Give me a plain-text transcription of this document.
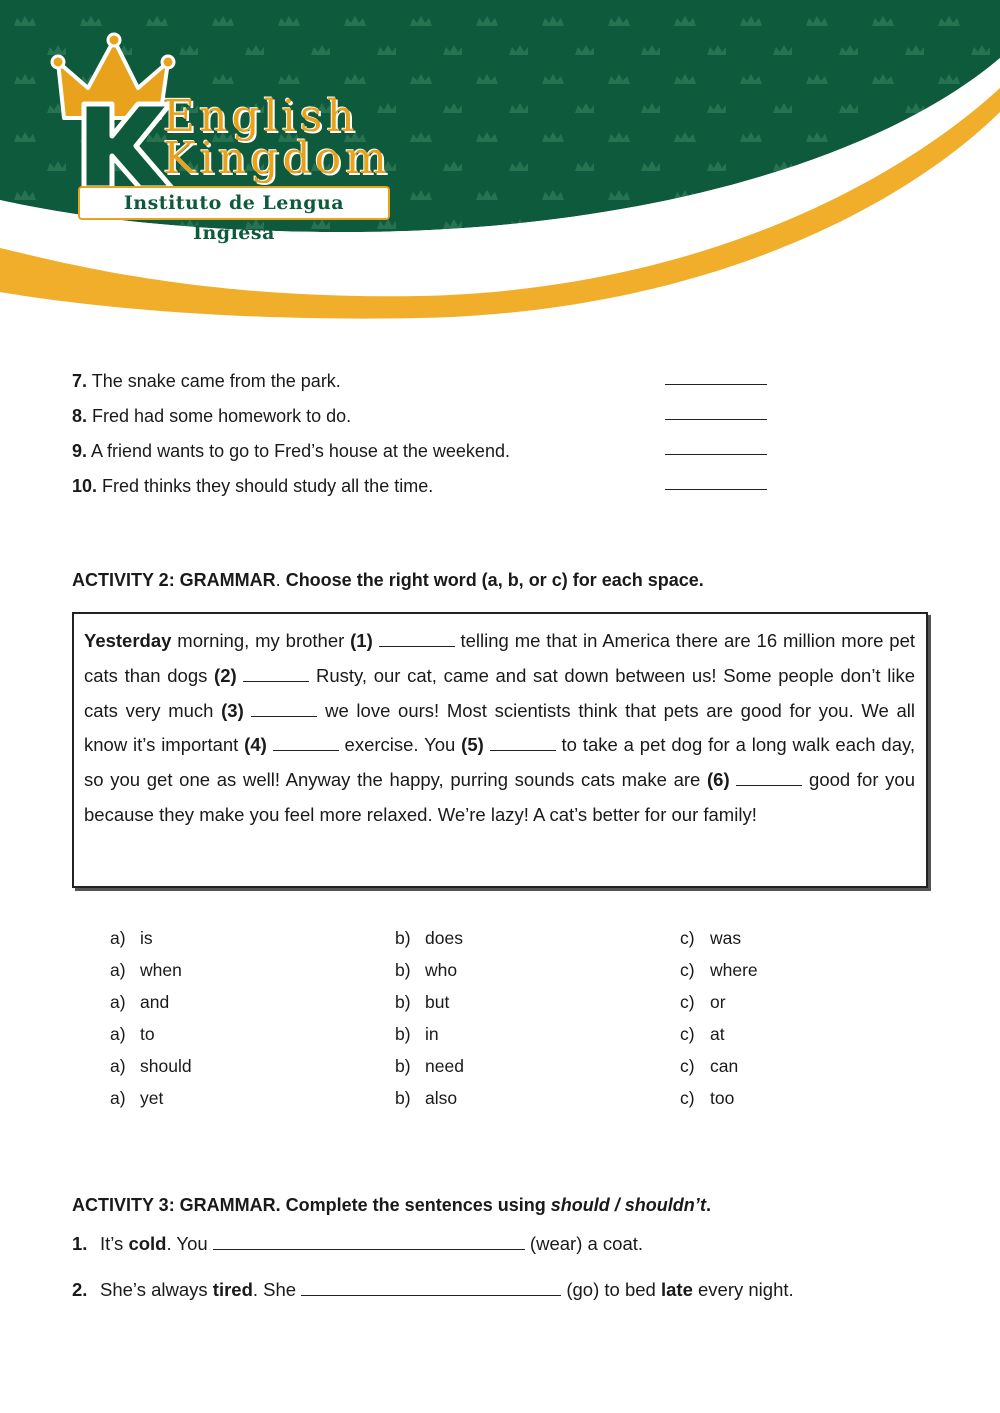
English
Kingdom
Instituto de Lengua Inglesa
7. The snake came from the park.
8. Fred had some homework to do.
9. A friend wants to go to Fred’s house at the weekend.
10. Fred thinks they should study all the time.
ACTIVITY 2: GRAMMAR. Choose the right word (a, b, or c) for each space.
Yesterday morning, my brother (1)	telling me that in America there are 16 million more pet cats than dogs (2)	Rusty, our cat, came and sat down between us! Some people don’t like cats very much (3)	we love ours! Most scientists think that pets are good for you. We all know it’s important (4)	exercise. You (5)	to take a pet dog for a long walk each day, so you get one as well! Anyway the happy, purring sounds cats make are (6)	good for you because they make you feel more relaxed. We’re lazy! A cat’s better for our family!
a) is	b) does	c) was
a) when	b) who	c) where
a) and	b) but	c) or
a) to	b) in	c) at
a) should	b) need	c) can
a) yet	b) also	c) too
ACTIVITY 3: GRAMMAR. Complete the sentences using should / shouldn’t.
1. It’s cold. You	(wear) a coat.
2. She’s always tired. She	(go) to bed late every night.
